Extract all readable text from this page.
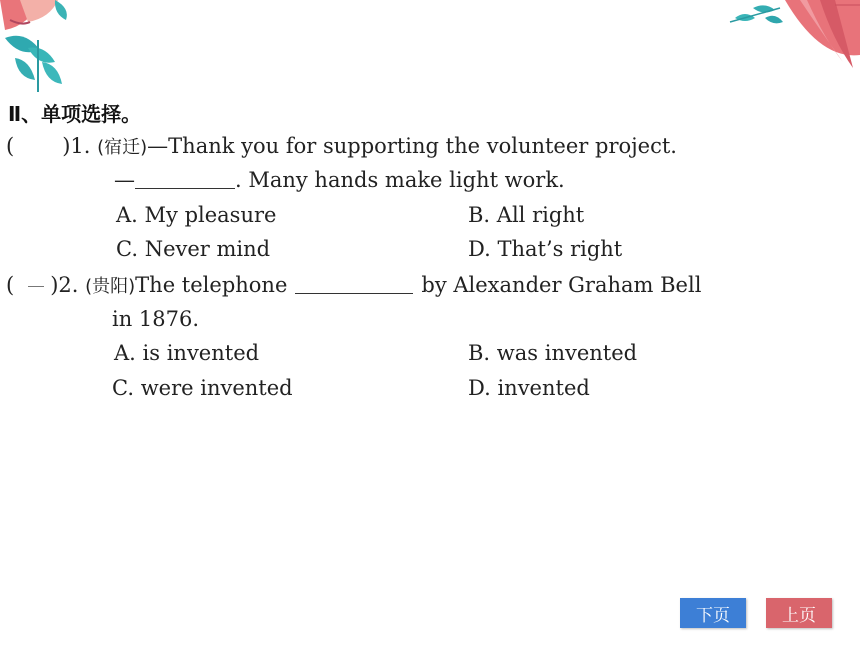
Ⅱ、单项选择。
( )1. (宿迁)—Thank you for supporting the volunteer project.
—	. Many hands make light work.
A. My pleasure	B. All right
C. Never mind	D. That’s right
( )2. (贵阳)The telephone	by Alexander Graham Bell
in 1876.
A. is invented	B. was invented
C. were invented	D. invented
下页	上页
